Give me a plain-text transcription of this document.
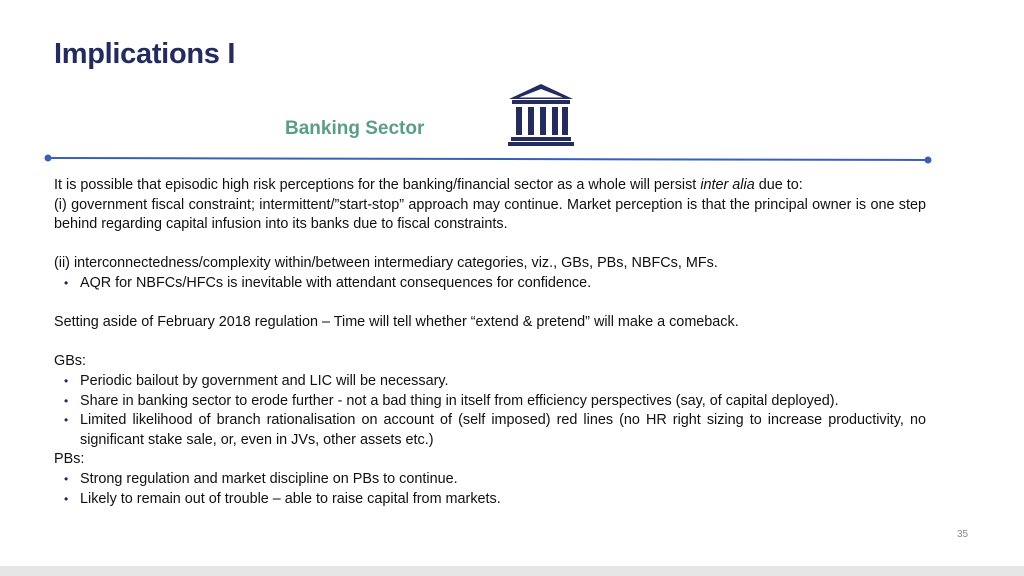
Implications I
Banking Sector

It is possible that episodic high risk perceptions for the banking/financial sector as a whole will persist inter alia due to:

(i) government fiscal constraint; intermittent/”start-stop” approach may continue. Market perception is that the principal owner is one step behind regarding capital infusion into its banks due to fiscal constraints.

(ii) interconnectedness/complexity within/between intermediary categories, viz., GBs, PBs, NBFCs, MFs.

• AQR for NBFCs/HFCs is inevitable with attendant consequences for confidence.

Setting aside of February 2018 regulation – Time will tell whether “extend & pretend” will make a comeback.

GBs:

• Periodic bailout by government and LIC will be necessary.
• Share in banking sector to erode further ‐ not a bad thing in itself from efficiency perspectives (say, of capital deployed).
• Limited likelihood of branch rationalisation on account of (self imposed) red lines (no HR right sizing to increase productivity, no significant stake sale, or, even in JVs, other assets etc.)

PBs:

• Strong regulation and market discipline on PBs to continue.
• Likely to remain out of trouble – able to raise capital from markets.
35
